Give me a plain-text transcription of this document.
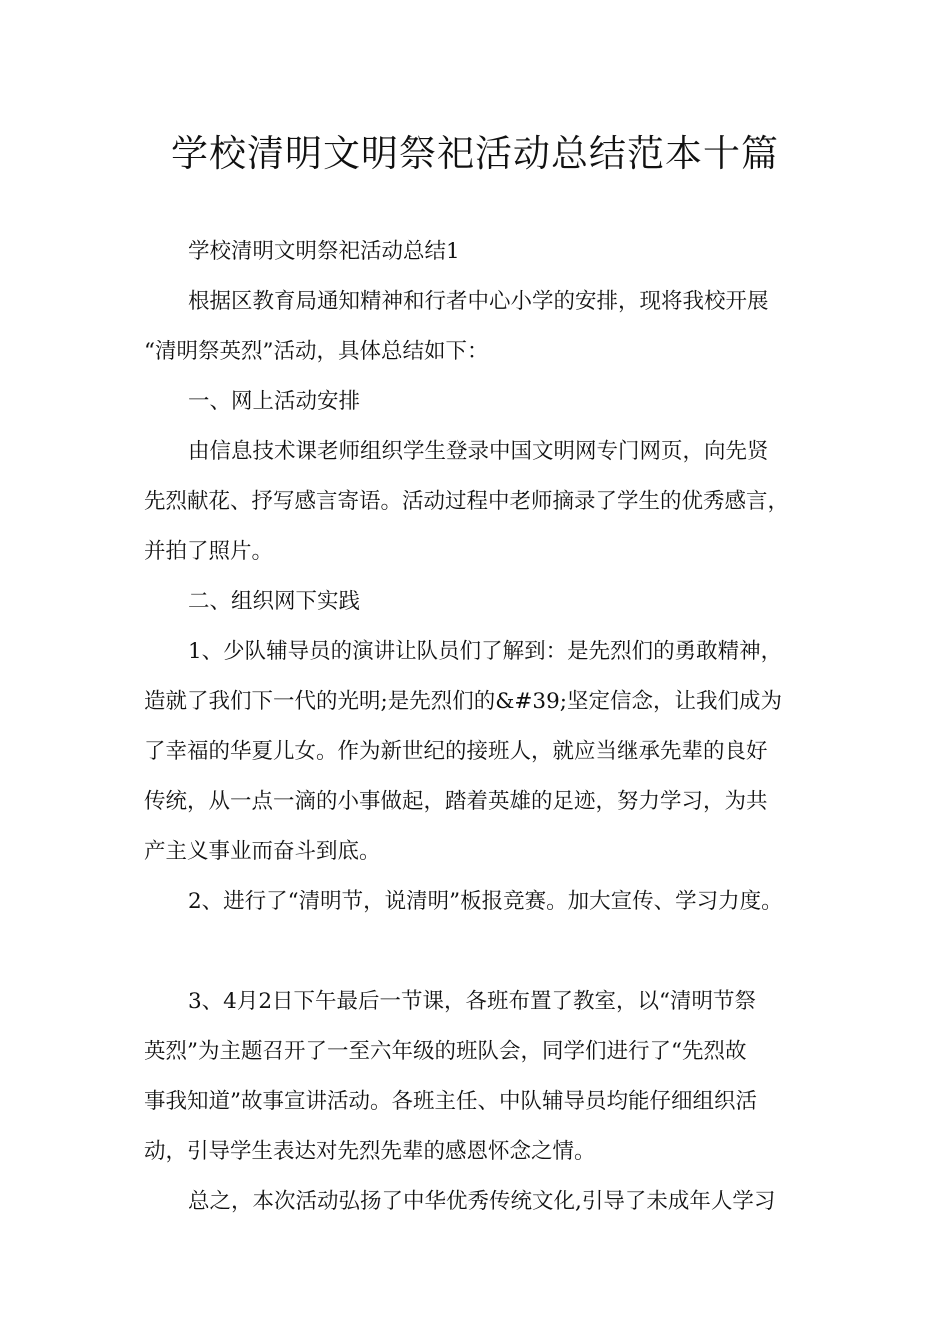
学校清明文明祭祀活动总结范本十篇

学校清明文明祭祀活动总结1

根据区教育局通知精神和行者中心小学的安排，现将我校开展

“清明祭英烈”活动，具体总结如下：

一、网上活动安排

由信息技术课老师组织学生登录中国文明网专门网页，向先贤

先烈献花、抒写感言寄语。活动过程中老师摘录了学生的优秀感言，

并拍了照片。

二、组织网下实践

1、少队辅导员的演讲让队员们了解到：是先烈们的勇敢精神，

造就了我们下一代的光明;是先烈们的&#39;坚定信念，让我们成为

了幸福的华夏儿女。作为新世纪的接班人，就应当继承先辈的良好

传统，从一点一滴的小事做起，踏着英雄的足迹，努力学习，为共

产主义事业而奋斗到底。

2、进行了“清明节，说清明”板报竞赛。加大宣传、学习力度。

3、4月2日下午最后一节课，各班布置了教室，以“清明节祭

英烈”为主题召开了一至六年级的班队会，同学们进行了“先烈故

事我知道”故事宣讲活动。各班主任、中队辅导员均能仔细组织活

动，引导学生表达对先烈先辈的感恩怀念之情。

总之，本次活动弘扬了中华优秀传统文化,引导了未成年人学习
